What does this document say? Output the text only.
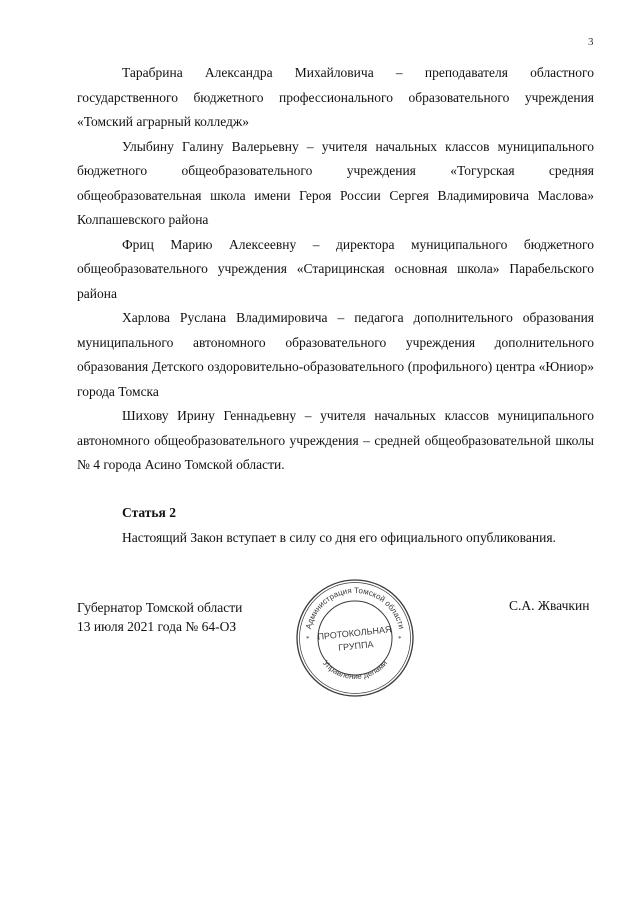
3

Тарабрина Александра Михайловича – преподавателя областного государственного бюджетного профессионального образовательного учреждения «Томский аграрный колледж»

Улыбину Галину Валерьевну – учителя начальных классов муниципального бюджетного общеобразовательного учреждения «Тогурская средняя общеобразовательная школа имени Героя России Сергея Владимировича Маслова» Колпашевского района

Фриц Марию Алексеевну – директора муниципального бюджетного общеобразовательного учреждения «Старицинская основная школа» Парабельского района

Харлова Руслана Владимировича – педагога дополнительного образования муниципального автономного образовательного учреждения дополнительного образования Детского оздоровительно-образовательного (профильного) центра «Юниор» города Томска

Шихову Ирину Геннадьевну – учителя начальных классов муниципального автономного общеобразовательного учреждения – средней общеобразовательной школы № 4 города Асино Томской области.

Статья 2

Настоящий Закон вступает в силу со дня его официального опубликования.

Губернатор Томской области
13 июля 2021 года № 64-ОЗ
С.А. Жвачкин
Администрация Томской области
Управление делами
*	*
ПРОТОКОЛЬНАЯ
ГРУППА
